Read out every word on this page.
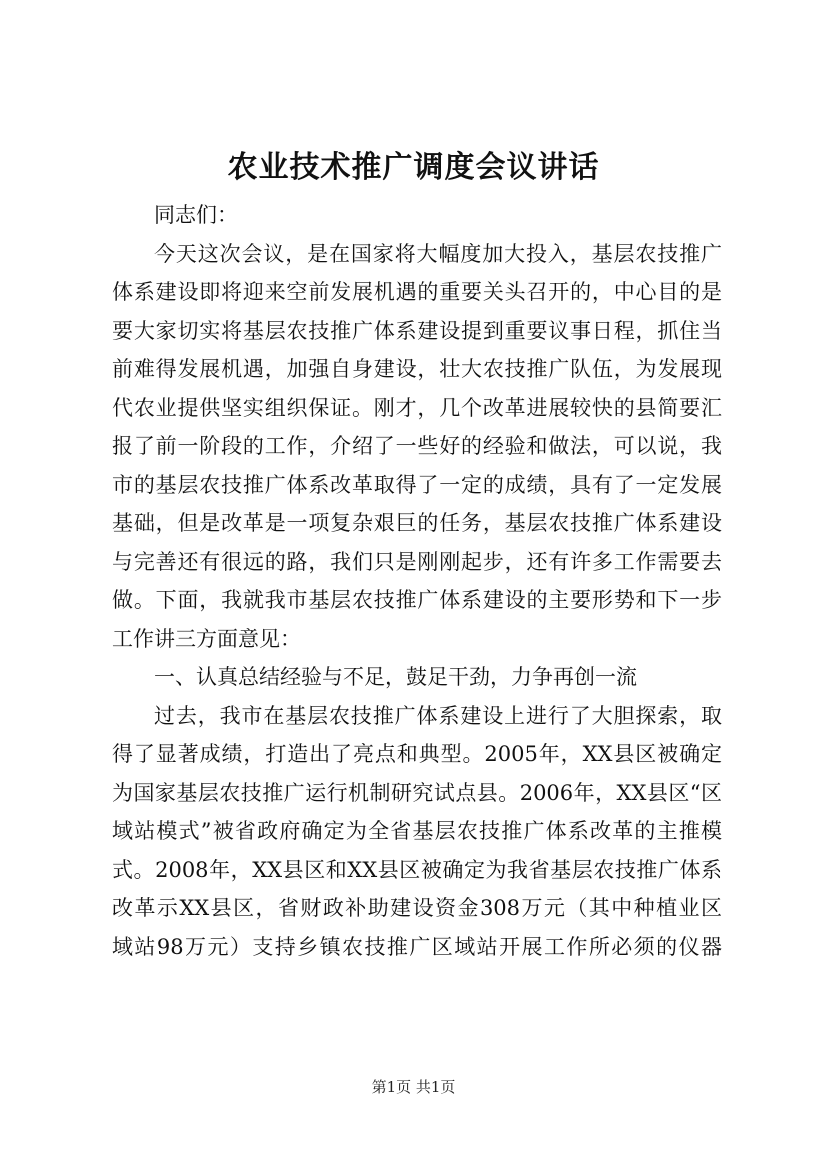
农业技术推广调度会议讲话
同志们：
今天这次会议，是在国家将大幅度加大投入，基层农技推广
体系建设即将迎来空前发展机遇的重要关头召开的，中心目的是
要大家切实将基层农技推广体系建设提到重要议事日程，抓住当
前难得发展机遇，加强自身建设，壮大农技推广队伍，为发展现
代农业提供坚实组织保证。刚才，几个改革进展较快的县简要汇
报了前一阶段的工作，介绍了一些好的经验和做法，可以说，我
市的基层农技推广体系改革取得了一定的成绩，具有了一定发展
基础，但是改革是一项复杂艰巨的任务，基层农技推广体系建设
与完善还有很远的路，我们只是刚刚起步，还有许多工作需要去
做。下面，我就我市基层农技推广体系建设的主要形势和下一步
工作讲三方面意见：
一、认真总结经验与不足，鼓足干劲，力争再创一流
过去，我市在基层农技推广体系建设上进行了大胆探索，取
得了显著成绩，打造出了亮点和典型。2005年，XX县区被确定
为国家基层农技推广运行机制研究试点县。2006年，XX县区“区
域站模式”被省政府确定为全省基层农技推广体系改革的主推模
式。2008年，XX县区和XX县区被确定为我省基层农技推广体系
改革示XX县区，省财政补助建设资金308万元（其中种植业区
域站98万元）支持乡镇农技推广区域站开展工作所必须的仪器
第1页 共1页
